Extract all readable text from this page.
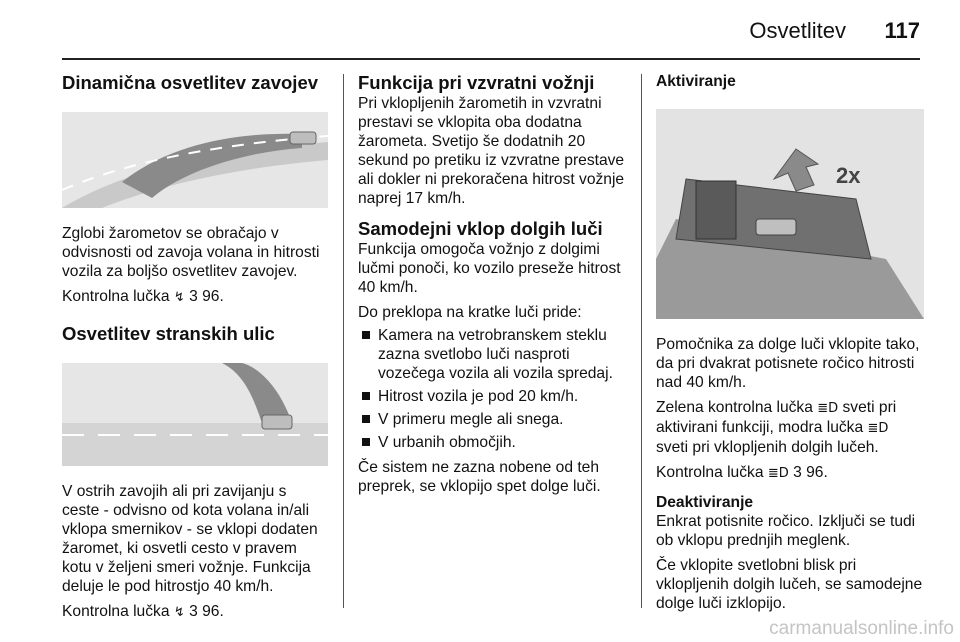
Osvetlitev 117
Dinamična osvetlitev zavojev

Zglobi žarometov se obračajo v odvisnosti od zavoja volana in hitrosti vozila za boljšo osvetlitev zavojev.

Kontrolna lučka ↯ 3 96.

Osvetlitev stranskih ulic

V ostrih zavojih ali pri zavijanju s ceste - odvisno od kota volana in/ali vklopa smernikov - se vklopi dodaten žaromet, ki osvetli cesto v pravem kotu v željeni smeri vožnje. Funkcija deluje le pod hitrostjo 40 km/h.

Kontrolna lučka ↯ 3 96.

Funkcija pri vzvratni vožnji

Pri vklopljenih žarometih in vzvratni prestavi se vklopita oba dodatna žarometa. Svetijo še dodatnih 20 sekund po pretiku iz vzvratne prestave ali dokler ni prekoračena hitrost vožnje naprej 17 km/h.

Samodejni vklop dolgih luči

Funkcija omogoča vožnjo z dolgimi lučmi ponoči, ko vozilo preseže hitrost 40 km/h.

Do preklopa na kratke luči pride:

Kamera na vetrobranskem steklu zazna svetlobo luči nasproti vozečega vozila ali vozila spredaj.
Hitrost vozila je pod 20 km/h.
V primeru megle ali snega.
V urbanih območjih.

Če sistem ne zazna nobene od teh preprek, se vklopijo spet dolge luči.

Aktiviranje
2x

Pomočnika za dolge luči vklopite tako, da pri dvakrat potisnete ročico hitrosti nad 40 km/h.

Zelena kontrolna lučka ≣D sveti pri aktivirani funkciji, modra lučka ≣D sveti pri vklopljenih dolgih lučeh.

Kontrolna lučka ≣D 3 96.

Deaktiviranje

Enkrat potisnite ročico. Izključi se tudi ob vklopu prednjih meglenk.

Če vklopite svetlobni blisk pri vklopljenih dolgih lučeh, se samodejne dolge luči izklopijo.

carmanualsonline.info
